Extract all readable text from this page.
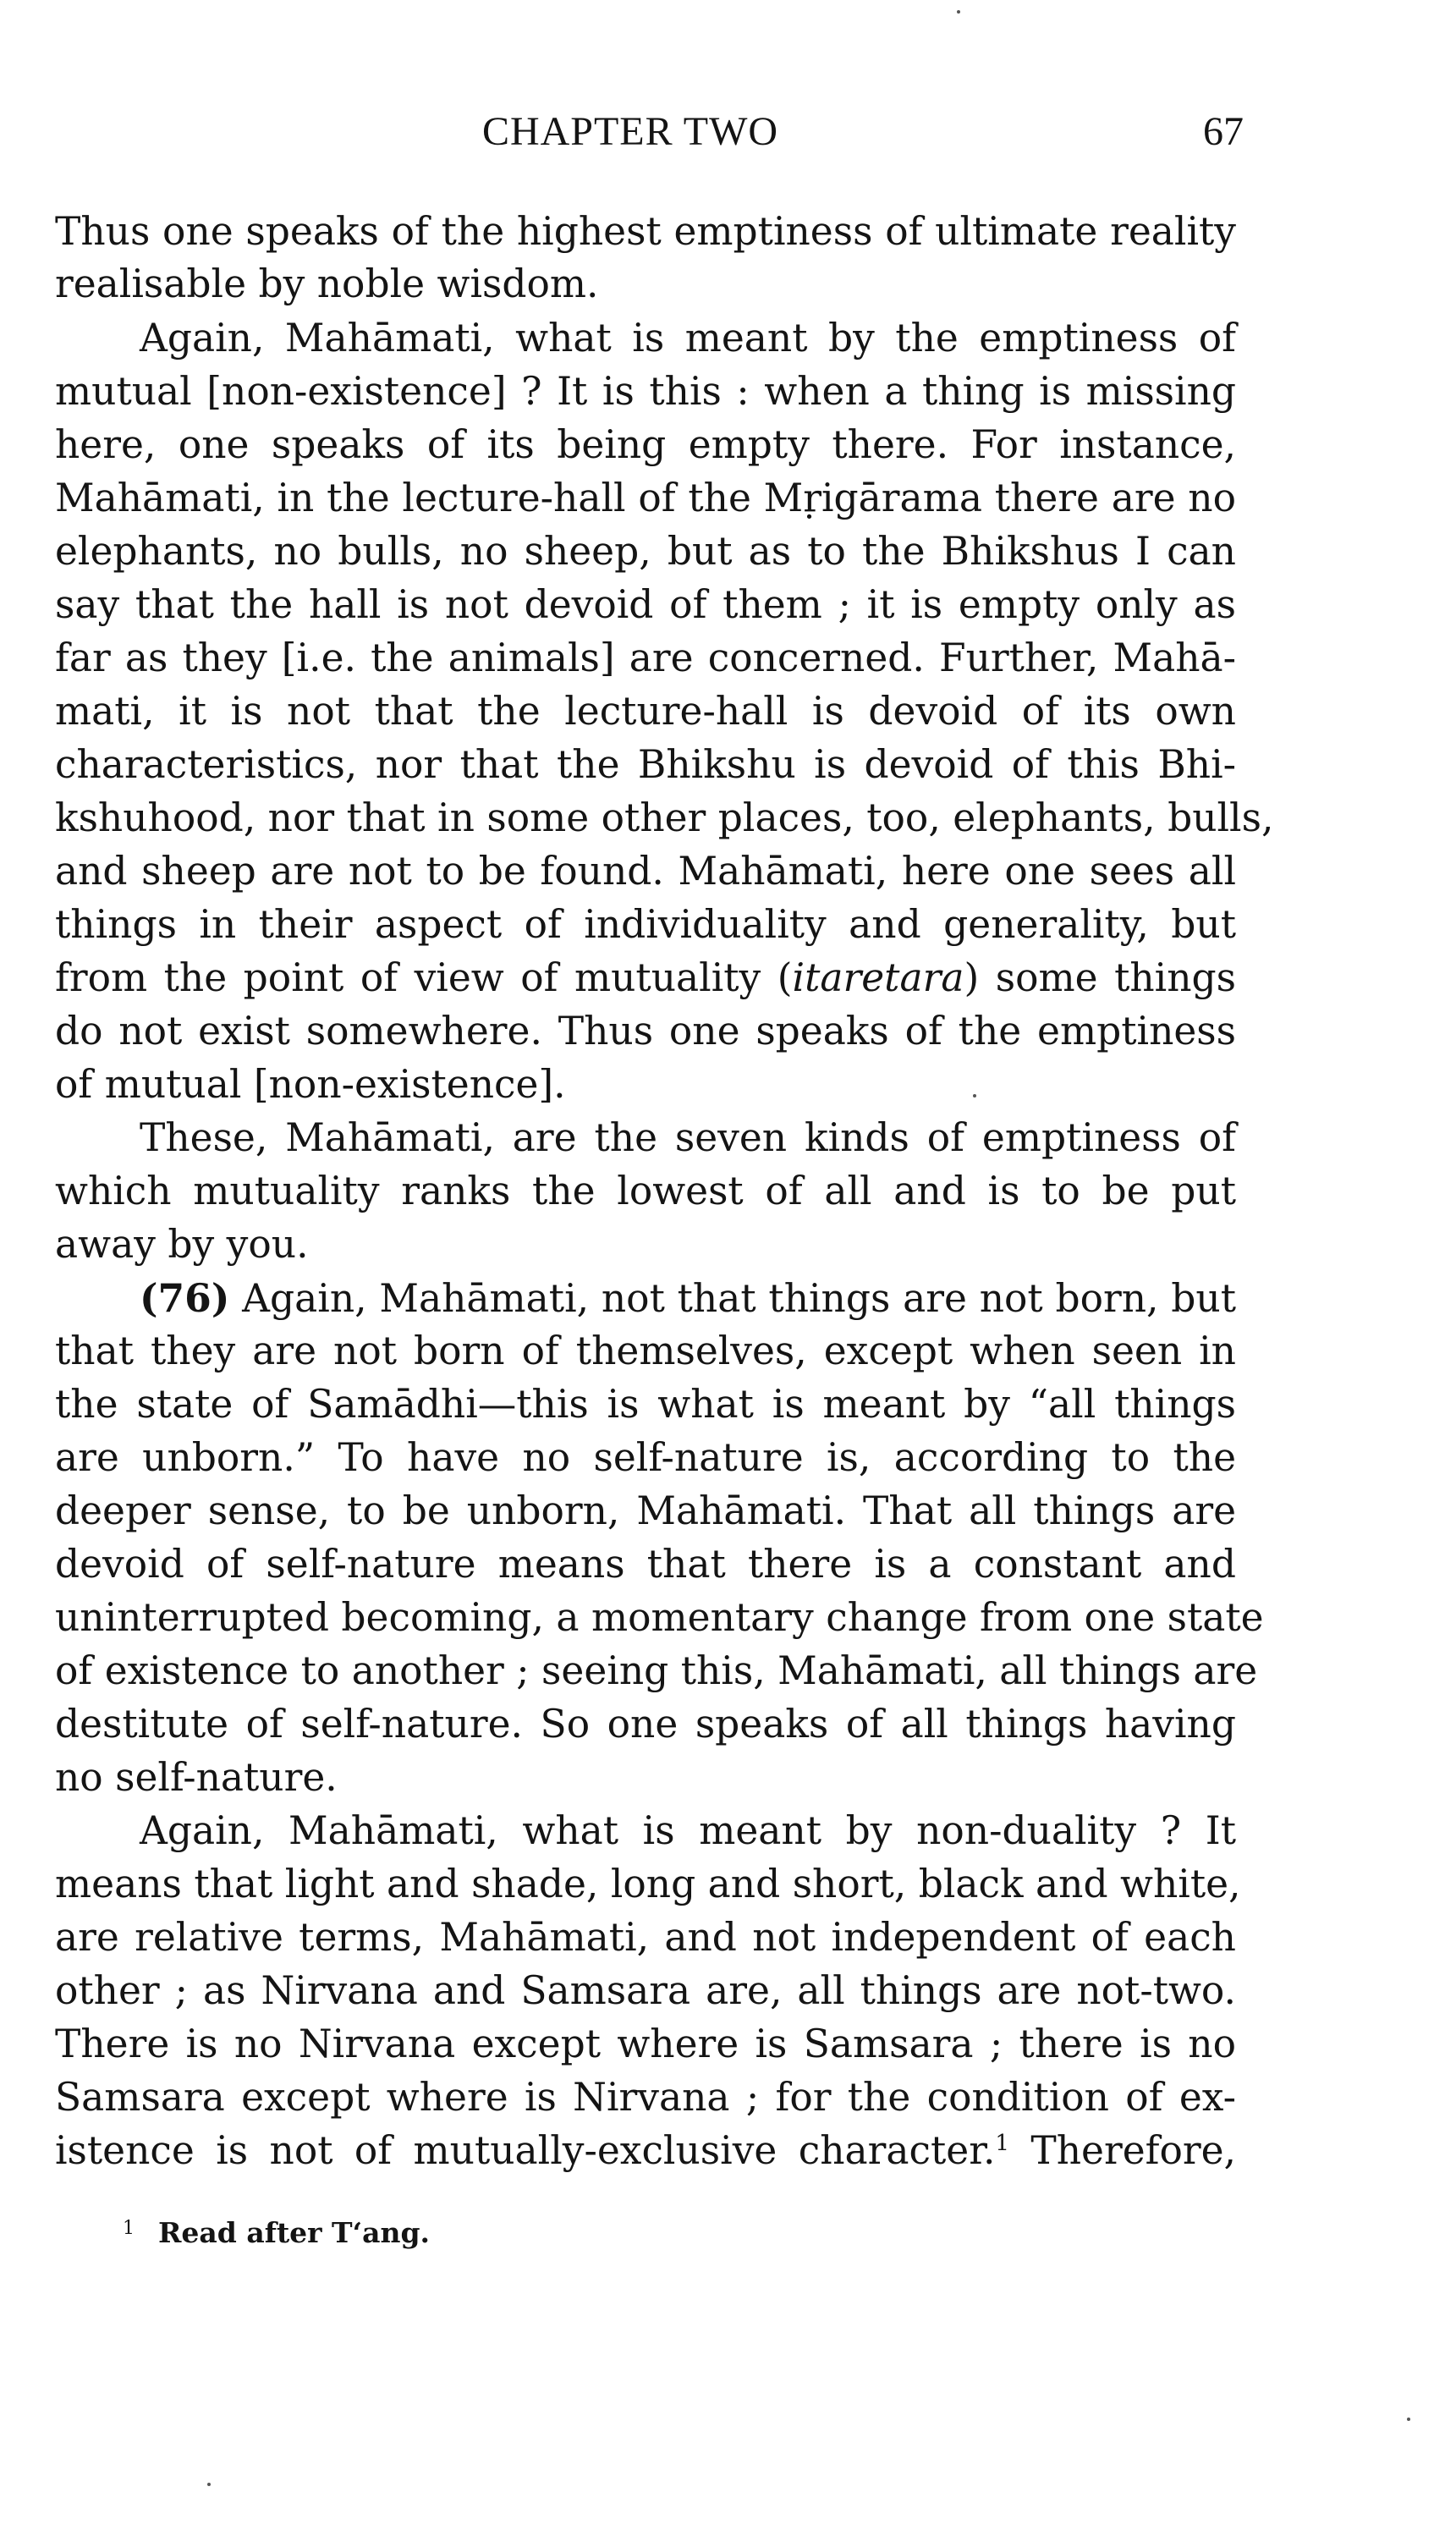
CHAPTER TWO	67
Thus one speaks of the highest emptiness of ultimate reality
realisable by noble wisdom.
Again, Mahāmati, what is meant by the emptiness of
mutual [non-existence] ? It is this : when a thing is missing
here, one speaks of its being empty there. For instance,
Mahāmati, in the lecture-hall of the Mṛigārama there are no
elephants, no bulls, no sheep, but as to the Bhikshus I can
say that the hall is not devoid of them ; it is empty only as
far as they [i.e. the animals] are concerned. Further, Mahā-
mati, it is not that the lecture-hall is devoid of its own
characteristics, nor that the Bhikshu is devoid of this Bhi-
kshuhood, nor that in some other places, too, elephants, bulls,
and sheep are not to be found. Mahāmati, here one sees all
things in their aspect of individuality and generality, but
from the point of view of mutuality (itaretara) some things
do not exist somewhere. Thus one speaks of the emptiness
of mutual [non-existence].
These, Mahāmati, are the seven kinds of emptiness of
which mutuality ranks the lowest of all and is to be put
away by you.
(76) Again, Mahāmati, not that things are not born, but
that they are not born of themselves, except when seen in
the state of Samādhi—this is what is meant by “all things
are unborn.” To have no self-nature is, according to the
deeper sense, to be unborn, Mahāmati. That all things are
devoid of self-nature means that there is a constant and
uninterrupted becoming, a momentary change from one state
of existence to another ; seeing this, Mahāmati, all things are
destitute of self-nature. So one speaks of all things having
no self-nature.
Again, Mahāmati, what is meant by non-duality ? It
means that light and shade, long and short, black and white,
are relative terms, Mahāmati, and not independent of each
other ; as Nirvana and Samsara are, all things are not-two.
There is no Nirvana except where is Samsara ; there is no
Samsara except where is Nirvana ; for the condition of ex-
istence is not of mutually-exclusive character.$^1$ Therefore,
$^1$ Read after T‘ang.
